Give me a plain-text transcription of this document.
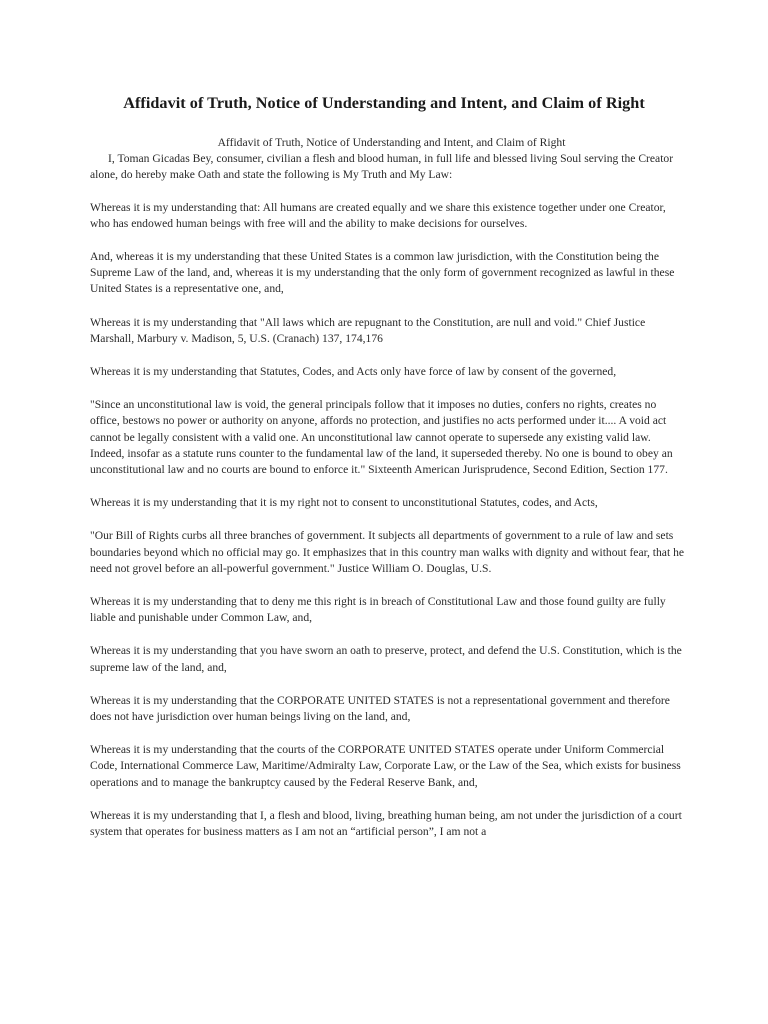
Affidavit of Truth, Notice of Understanding and Intent, and Claim of Right

Affidavit of Truth, Notice of Understanding and Intent, and Claim of Right

I, Toman Gicadas Bey, consumer, civilian a flesh and blood human, in full life and blessed living Soul serving the Creator alone, do hereby make Oath and state the following is My Truth and My Law:

Whereas it is my understanding that: All humans are created equally and we share this existence together under one Creator, who has endowed human beings with free will and the ability to make decisions for ourselves.

And, whereas it is my understanding that these United States is a common law jurisdiction, with the Constitution being the Supreme Law of the land, and, whereas it is my understanding that the only form of government recognized as lawful in these United States is a representative one, and,

Whereas it is my understanding that "All laws which are repugnant to the Constitution, are null and void." Chief Justice Marshall, Marbury v. Madison, 5, U.S. (Cranach) 137, 174,176

Whereas it is my understanding that Statutes, Codes, and Acts only have force of law by consent of the governed,

"Since an unconstitutional law is void, the general principals follow that it imposes no duties, confers no rights, creates no office, bestows no power or authority on anyone, affords no protection, and justifies no acts performed under it.... A void act cannot be legally consistent with a valid one. An unconstitutional law cannot operate to supersede any existing valid law. Indeed, insofar as a statute runs counter to the fundamental law of the land, it superseded thereby. No one is bound to obey an unconstitutional law and no courts are bound to enforce it." Sixteenth American Jurisprudence, Second Edition, Section 177.

Whereas it is my understanding that it is my right not to consent to unconstitutional Statutes, codes, and Acts,

"Our Bill of Rights curbs all three branches of government. It subjects all departments of government to a rule of law and sets boundaries beyond which no official may go. It emphasizes that in this country man walks with dignity and without fear, that he need not grovel before an all-powerful government." Justice William O. Douglas, U.S.

Whereas it is my understanding that to deny me this right is in breach of Constitutional Law and those found guilty are fully liable and punishable under Common Law, and,

Whereas it is my understanding that you have sworn an oath to preserve, protect, and defend the U.S. Constitution, which is the supreme law of the land, and,

Whereas it is my understanding that the CORPORATE UNITED STATES is not a representational government and therefore does not have jurisdiction over human beings living on the land, and,

Whereas it is my understanding that the courts of the CORPORATE UNITED STATES operate under Uniform Commercial Code, International Commerce Law, Maritime/Admiralty Law, Corporate Law, or the Law of the Sea, which exists for business operations and to manage the bankruptcy caused by the Federal Reserve Bank, and,

Whereas it is my understanding that I, a flesh and blood, living, breathing human being, am not under the jurisdiction of a court system that operates for business matters as I am not an “artificial person”, I am not a
